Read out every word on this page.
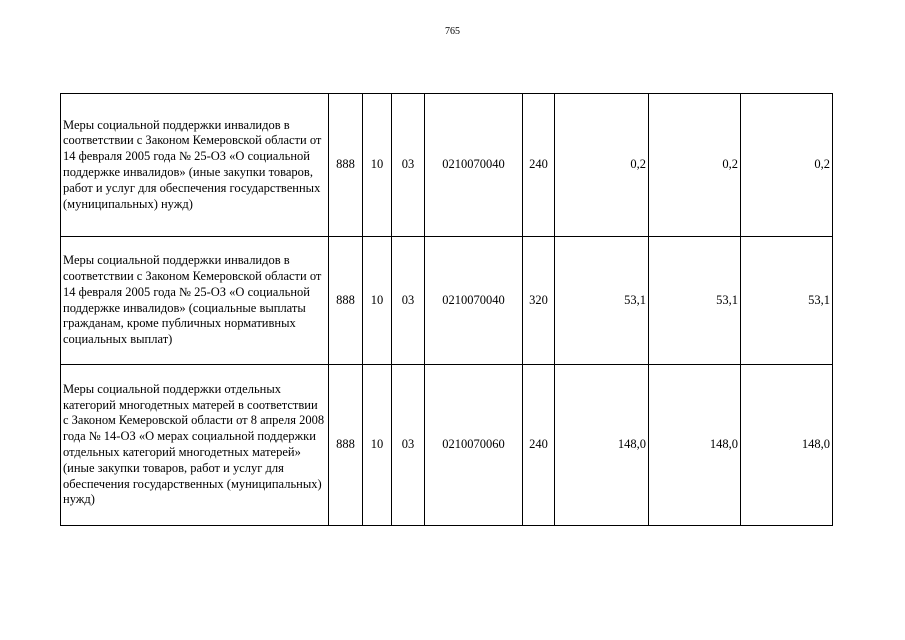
765
Меры социальной поддержки инвалидов в соответствии с Законом Кемеровской области от 14 февраля 2005 года № 25-ОЗ «О социальной поддержке инвалидов» (иные закупки товаров, работ и услуг для обеспечения государственных (муниципальных) нужд)	888	10	03	0210070040	240	0,2	0,2	0,2
Меры социальной поддержки инвалидов в соответствии с Законом Кемеровской области от 14 февраля 2005 года № 25-ОЗ «О социальной поддержке инвалидов» (социальные выплаты гражданам, кроме публичных нормативных социальных выплат)	888	10	03	0210070040	320	53,1	53,1	53,1
Меры социальной поддержки отдельных категорий многодетных матерей в соответствии с Законом Кемеровской области от 8 апреля 2008 года № 14-ОЗ «О мерах социальной поддержки отдельных категорий многодетных матерей» (иные закупки товаров, работ и услуг для обеспечения государственных (муниципальных) нужд)	888	10	03	0210070060	240	148,0	148,0	148,0
